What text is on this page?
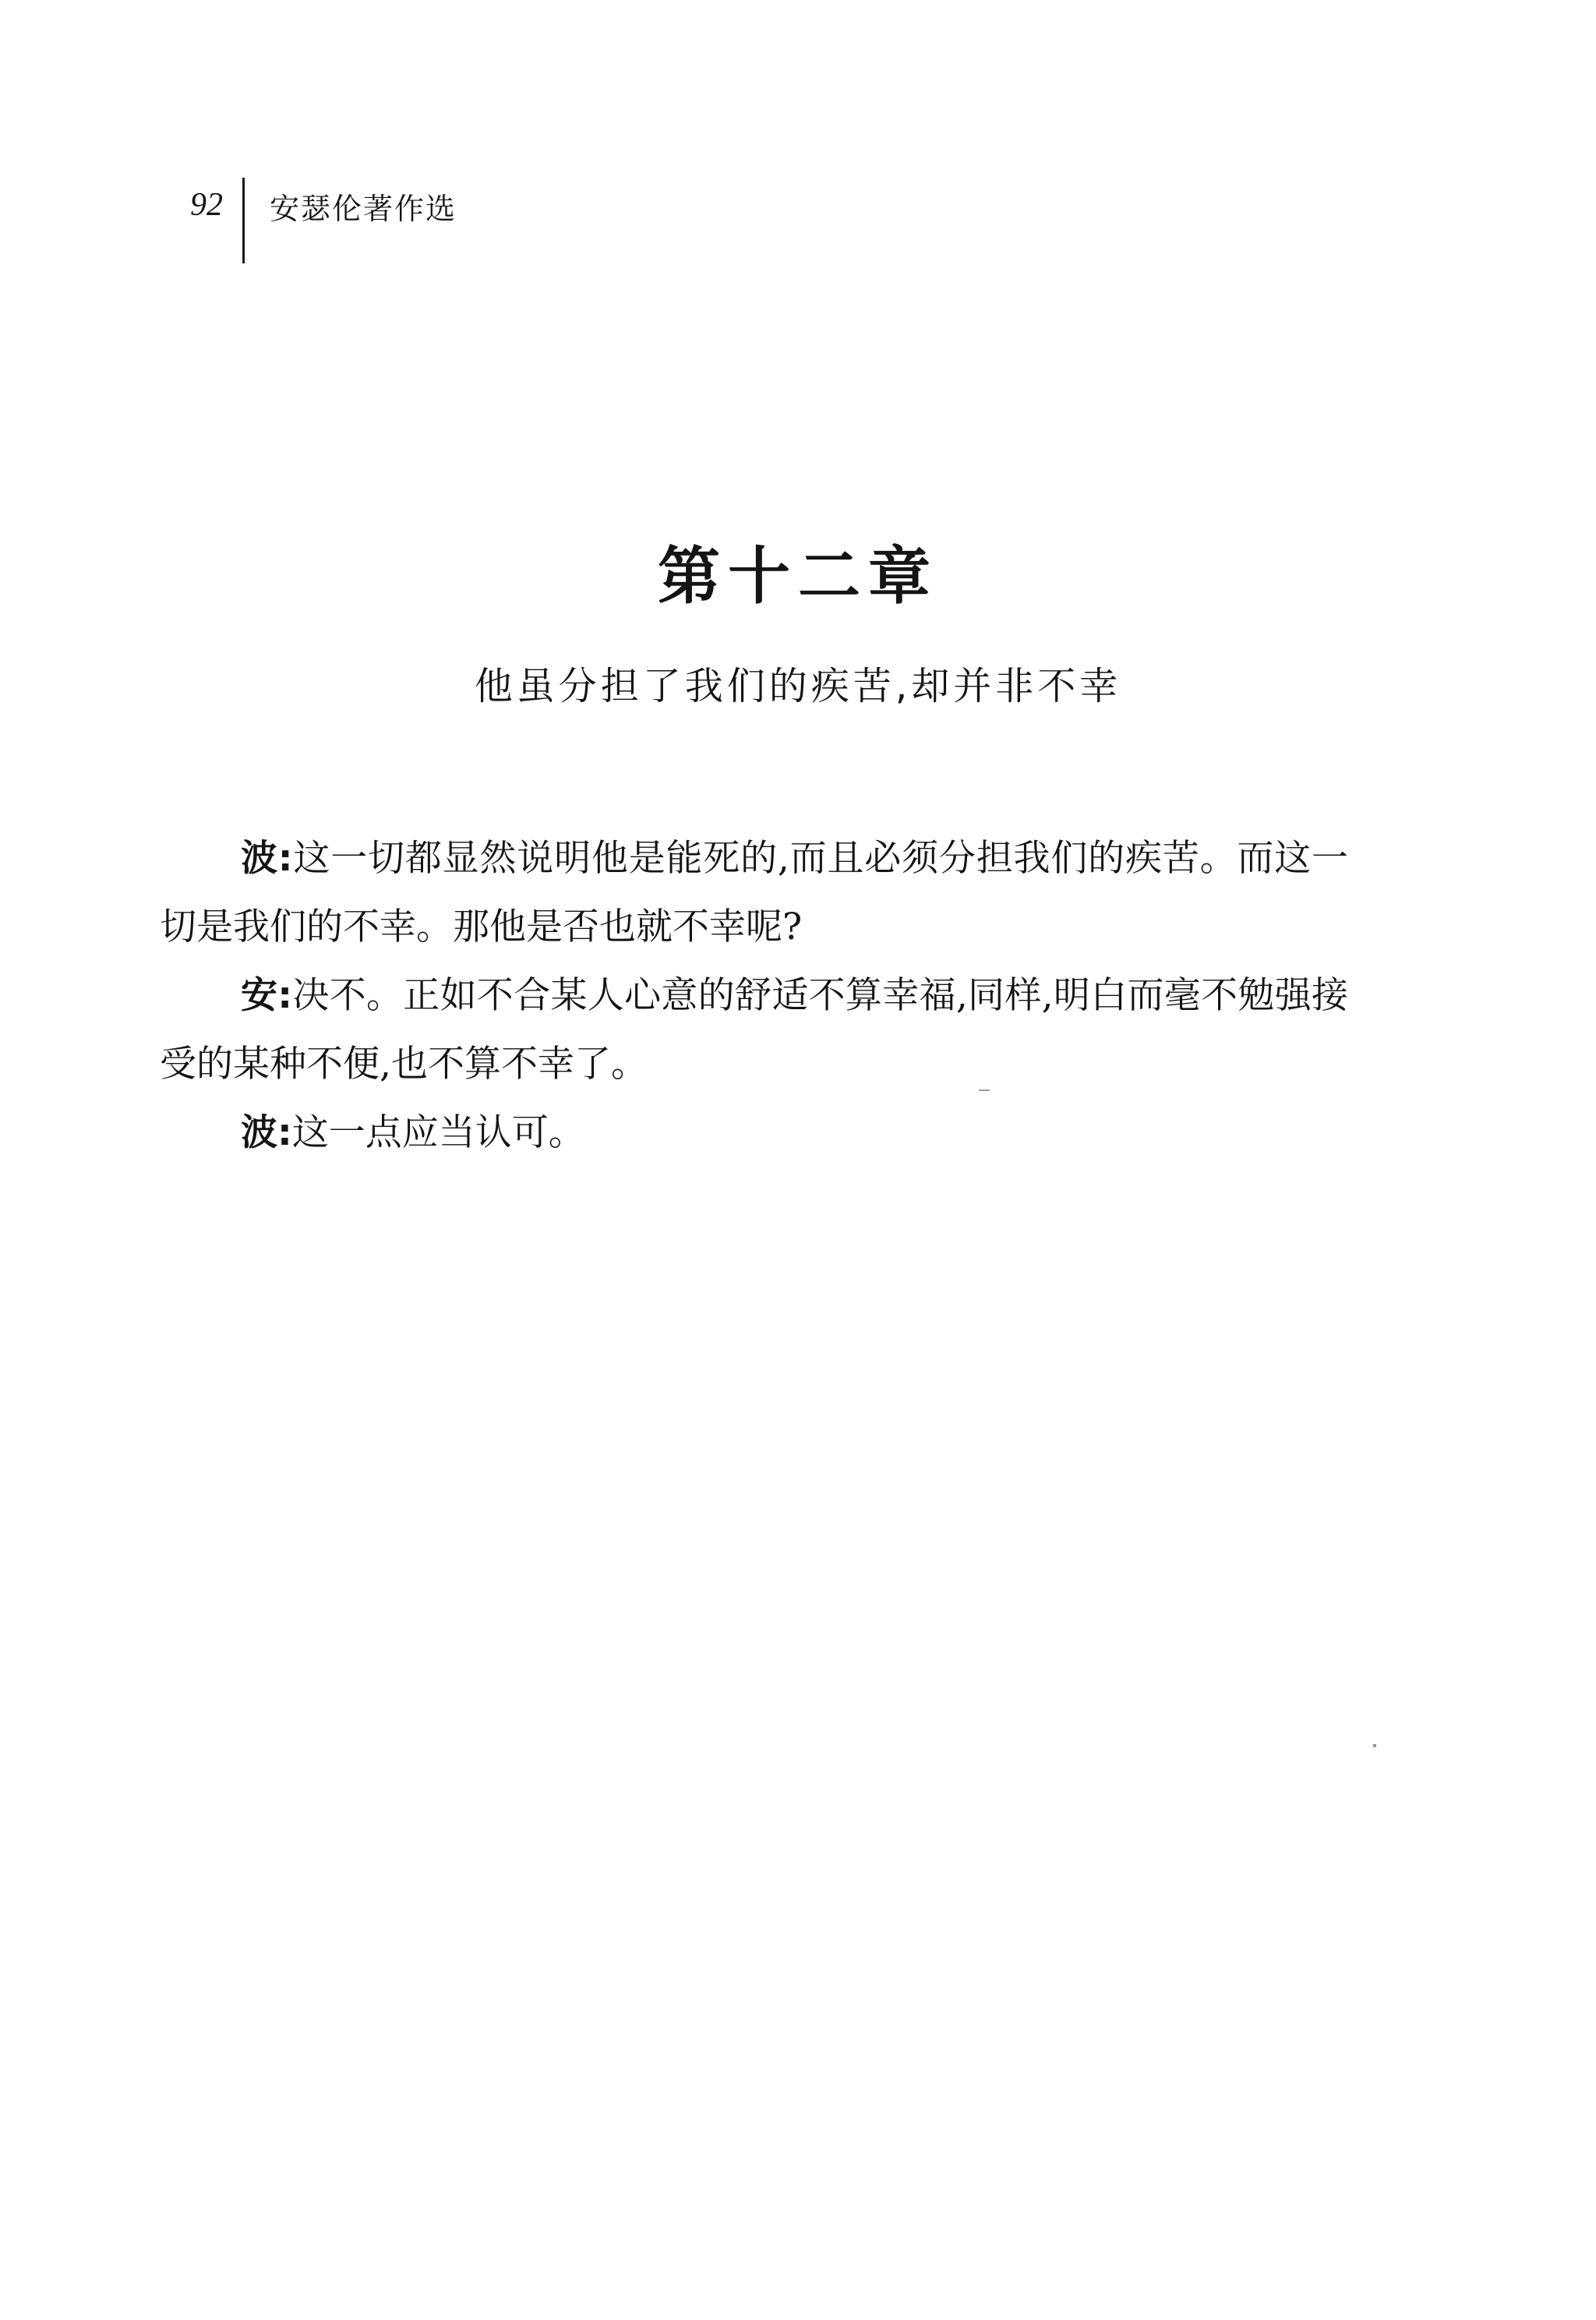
92 安瑟伦著作选
第十二章
他虽分担了我们的疾苦,却并非不幸

波:这一切都显然说明他是能死的,而且必须分担我们的疾苦。而这一切是我们的不幸。那他是否也就不幸呢?

安:决不。正如不合某人心意的舒适不算幸福,同样,明白而毫不勉强接受的某种不便,也不算不幸了。

波:这一点应当认可。
